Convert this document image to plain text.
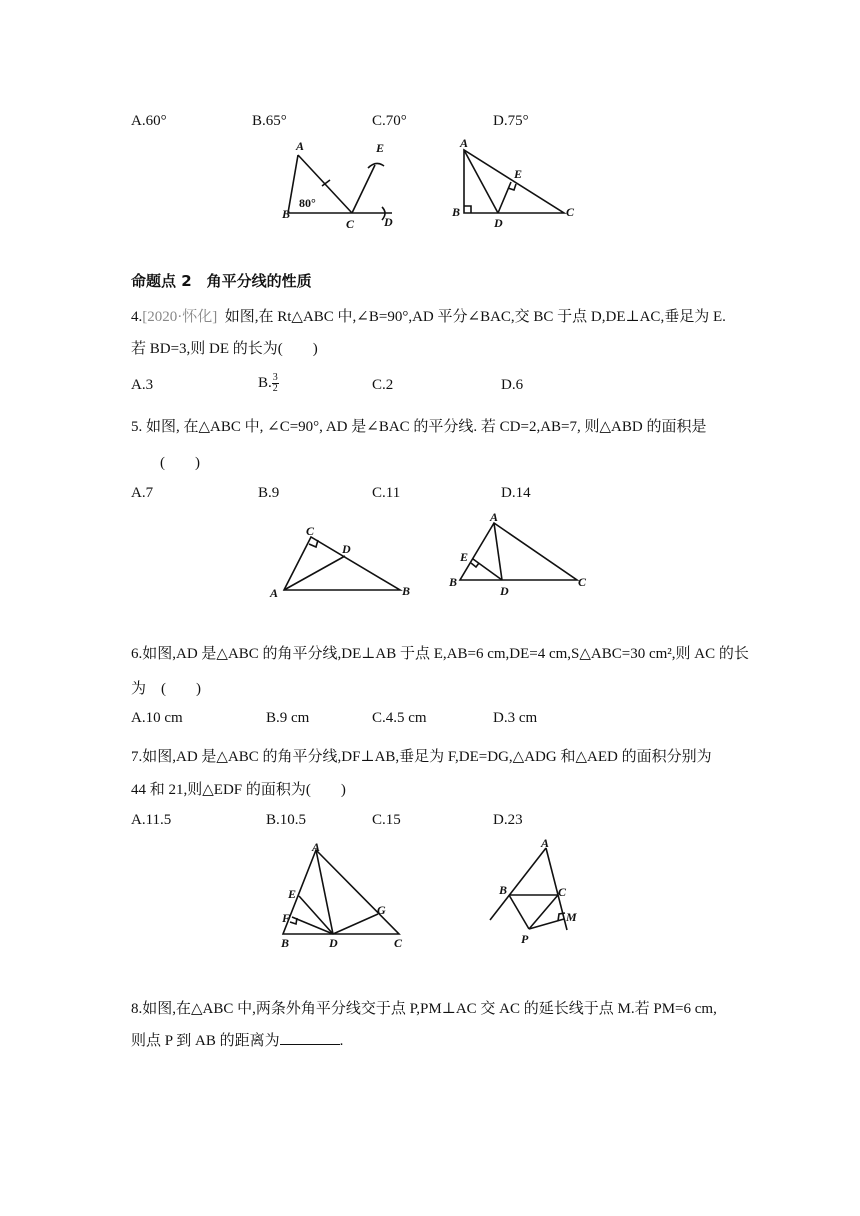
A.60°	B.65°	C.70°	D.75°
A
B
C D
E
80°
A
B	C
D
E
命题点 2　角平分线的性质
4.[2020·怀化] 如图,在 Rt△ABC 中,∠B=90°,AD 平分∠BAC,交 BC 于点 D,DE⊥AC,垂足为 E.
若 BD=3,则 DE 的长为(　　)
A.3	B. $\frac{3}{2}$	C.2	D.6
5. 如图, 在△ABC 中, ∠C=90°, AD 是∠BAC 的平分线. 若 CD=2,AB=7, 则△ABD 的面积是
(　　)
A.7	B.9	C.11	D.14
C
D
A	B
A
E
B
D
C
6.如图,AD 是△ABC 的角平分线,DE⊥AB 于点 E,AB=6 cm,DE=4 cm,S△ABC=30 cm²,则 AC 的长
为　(　　)
A.10 cm	B.9 cm	C.4.5 cm	D.3 cm
7.如图,AD 是△ABC 的角平分线,DF⊥AB,垂足为 F,DE=DG,△ADG 和△AED 的面积分别为
44 和 21,则△EDF 的面积为(　　)
A.11.5	B.10.5	C.15	D.23
A
E
F
B	D
G
C
A
B	C
M
P
8.如图,在△ABC 中,两条外角平分线交于点 P,PM⊥AC 交 AC 的延长线于点 M.若 PM=6 cm,
则点 P 到 AB 的距离为	.
